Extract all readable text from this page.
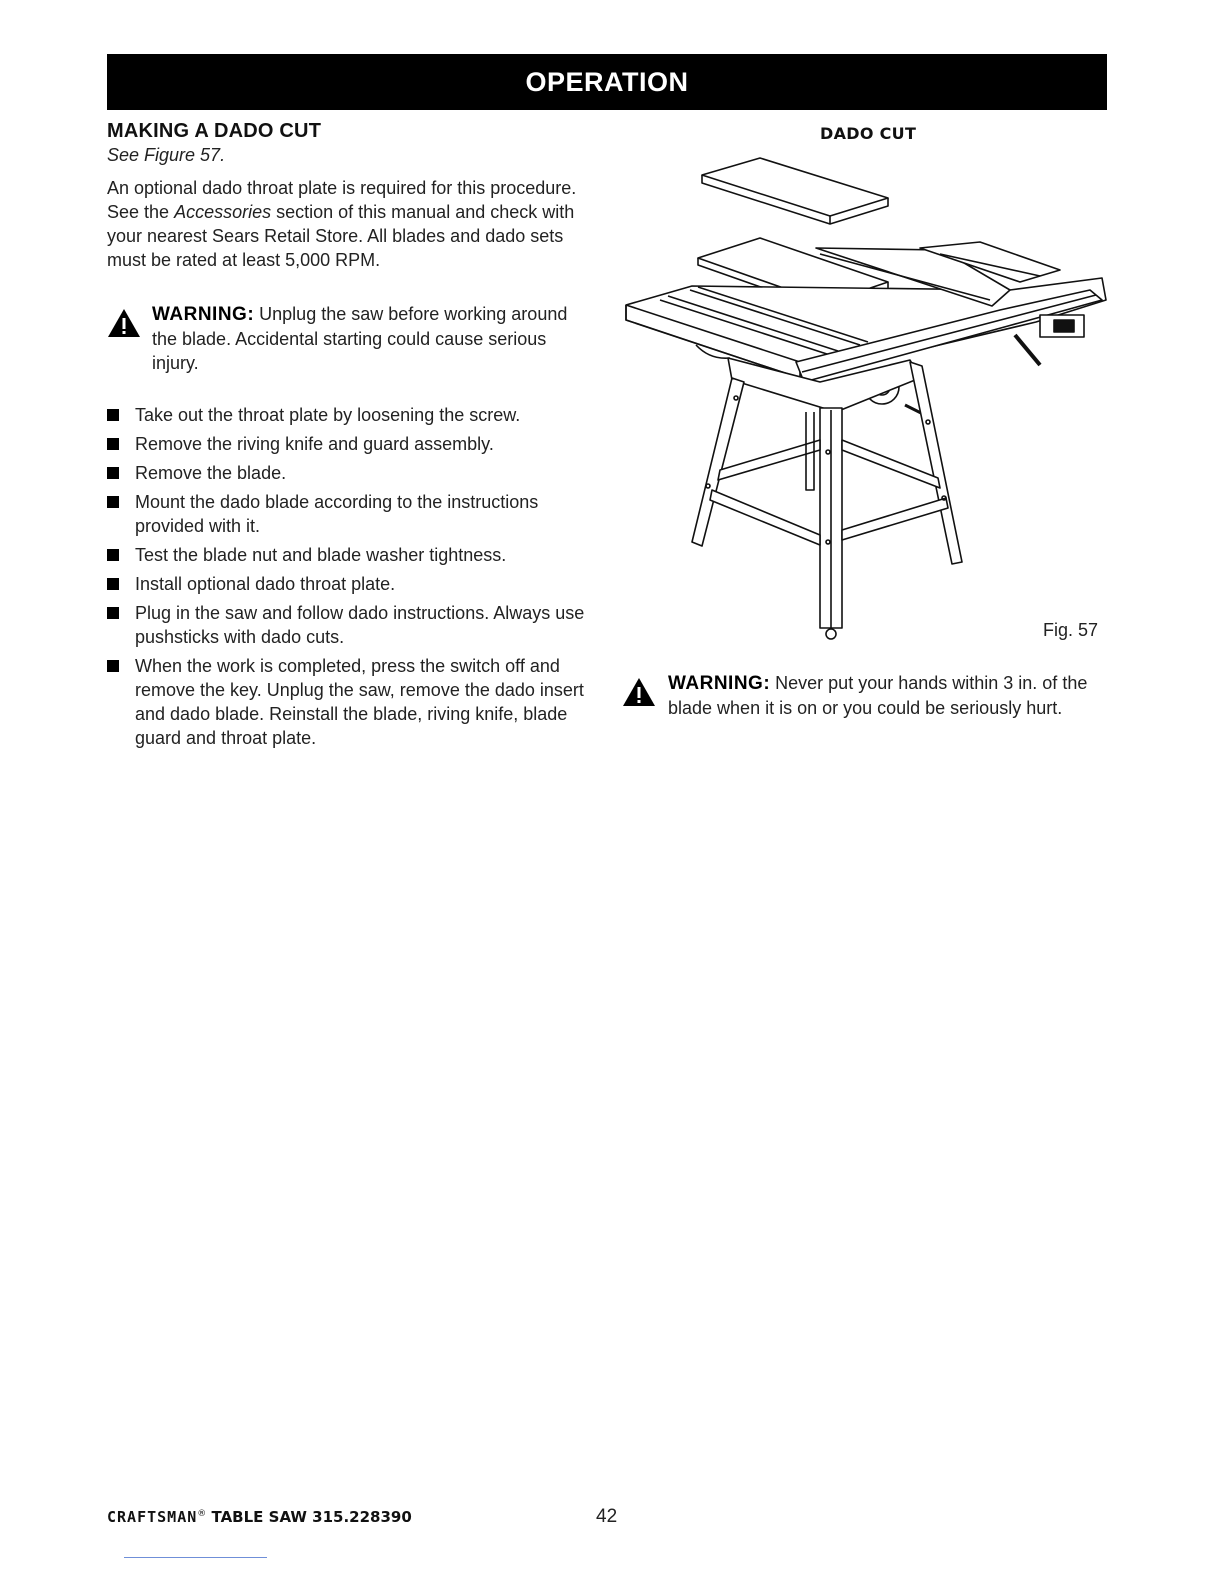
OPERATION
MAKING A DADO CUT
See Figure 57.

An optional dado throat plate is required for this procedure. See the Accessories section of this manual and check with your nearest Sears Retail Store. All blades and dado sets must be rated at least 5,000 RPM.

WARNING: Unplug the saw before working around the blade. Accidental starting could cause serious injury.
Take out the throat plate by loosening the screw.
Remove the riving knife and guard assembly.
Remove the blade.
Mount the dado blade according to the instructions provided with it.
Test the blade nut and blade washer tightness.
Install optional dado throat plate.
Plug in the saw and follow dado instructions. Always use pushsticks with dado cuts.
When the work is completed, press the switch off and remove the key. Unplug the saw, remove the dado insert and dado blade. Reinstall the blade, riving knife, blade guard and throat plate.
DADO CUT
Fig. 57
WARNING: Never put your hands within 3 in. of the blade when it is on or you could be seriously hurt.
CRAFTSMAN® TABLE SAW 315.228390	42
